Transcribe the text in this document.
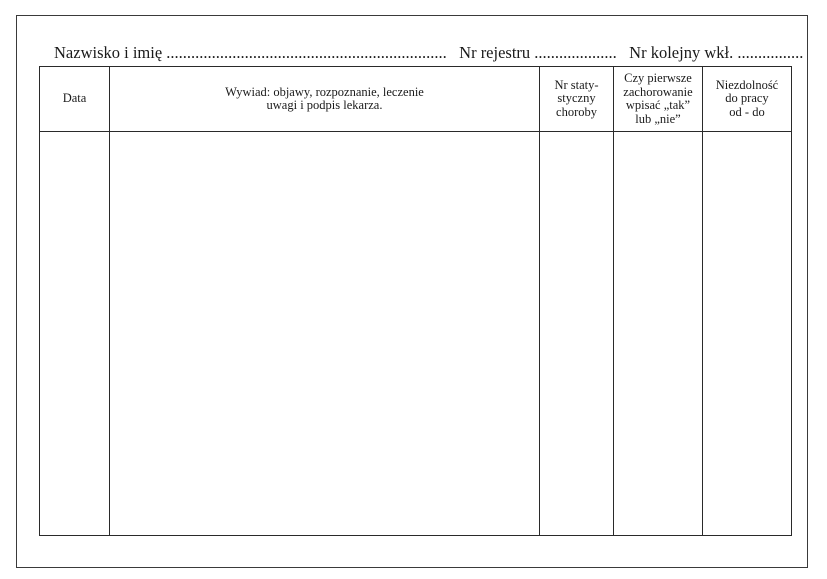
Nazwisko i imię .................................................................... Nr rejestru .................... Nr kolejny wkł. ................
Data	Wywiad: objawy, rozpoznanie, leczenie
uwagi i podpis lekarza.
Nr staty-
styczny
choroby
Czy pierwsze
zachorowanie
wpisać „tak”
lub „nie”
Niezdolność
do pracy
od - do
